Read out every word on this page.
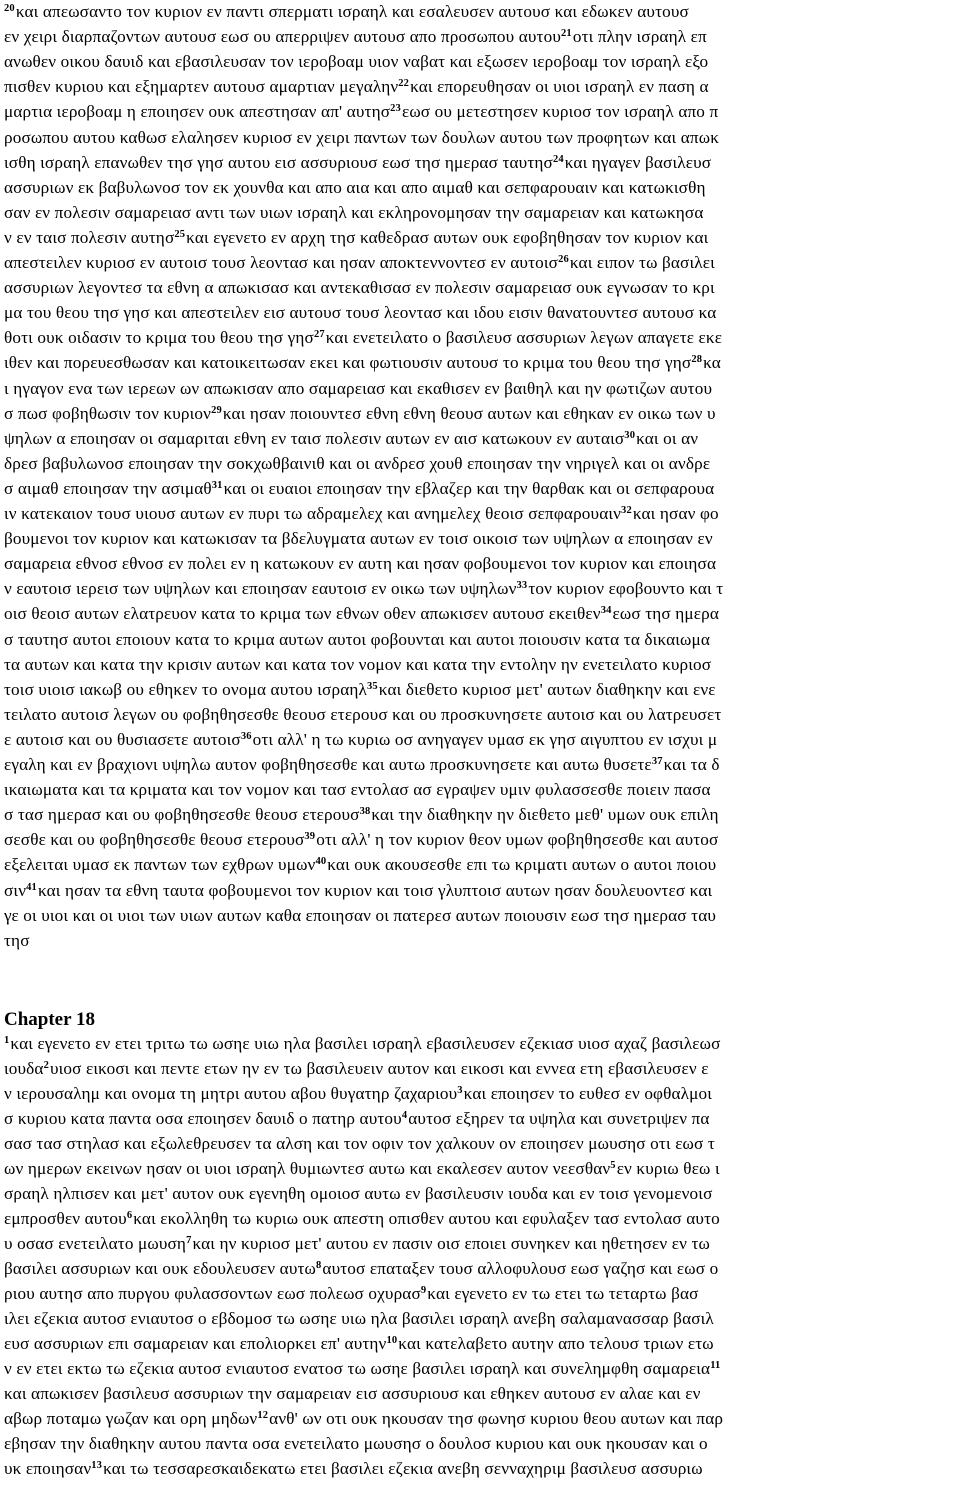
$^{20}$και απεωσαντο τον κυριον εν παντι σπερματι ισραηλ και εσαλευσεν αυτουσ και εδωκεν αυτουσ
εν χειρι διαρπαζοντων αυτουσ εωσ ου απερριψεν αυτουσ απο προσωπου αυτου$^{21}$οτι πλην ισραηλ επ
ανωθεν οικου δαυιδ και εβασιλευσαν τον ιεροβοαμ υιον ναβατ και εξωσεν ιεροβοαμ τον ισραηλ εξο
πισθεν κυριου και εξημαρτεν αυτουσ αμαρτιαν μεγαλην$^{22}$και επορευθησαν οι υιοι ισραηλ εν παση α
μαρτια ιεροβοαμ η εποιησεν ουκ απεστησαν απ' αυτησ$^{23}$εωσ ου μετεστησεν κυριοσ τον ισραηλ απο π
ροσωπου αυτου καθωσ ελαλησεν κυριοσ εν χειρι παντων των δουλων αυτου των προφητων και απωκ
ισθη ισραηλ επανωθεν τησ γησ αυτου εισ ασσυριουσ εωσ τησ ημερασ ταυτησ$^{24}$και ηγαγεν βασιλευσ
ασσυριων εκ βαβυλωνοσ τον εκ χουνθα και απο αια και απο αιμαθ και σεπφαρουαιν και κατωκισθη
σαν εν πολεσιν σαμαρειασ αντι των υιων ισραηλ και εκληρονομησαν την σαμαρειαν και κατωκησα
ν εν ταισ πολεσιν αυτησ$^{25}$και εγενετο εν αρχη τησ καθεδρασ αυτων ουκ εφοβηθησαν τον κυριον και
απεστειλεν κυριοσ εν αυτοισ τουσ λεοντασ και ησαν αποκτεννοντεσ εν αυτοισ$^{26}$και ειπον τω βασιλει
ασσυριων λεγοντεσ τα εθνη α απωκισασ και αντεκαθισασ εν πολεσιν σαμαρειασ ουκ εγνωσαν το κρι
μα του θεου τησ γησ και απεστειλεν εισ αυτουσ τουσ λεοντασ και ιδου εισιν θανατουντεσ αυτουσ κα
θοτι ουκ οιδασιν το κριμα του θεου τησ γησ$^{27}$και ενετειλατο ο βασιλευσ ασσυριων λεγων απαγετε εκε
ιθεν και πορευεσθωσαν και κατοικειτωσαν εκει και φωτιουσιν αυτουσ το κριμα του θεου τησ γησ$^{28}$κα
ι ηγαγον ενα των ιερεων ων απωκισαν απο σαμαρειασ και εκαθισεν εν βαιθηλ και ην φωτιζων αυτου
σ πωσ φοβηθωσιν τον κυριον$^{29}$και ησαν ποιουντεσ εθνη εθνη θεουσ αυτων και εθηκαν εν οικω των υ
ψηλων α εποιησαν οι σαμαριται εθνη εν ταισ πολεσιν αυτων εν αισ κατωκουν εν αυταισ$^{30}$και οι αν
δρεσ βαβυλωνοσ εποιησαν την σοκχωθβαινιθ και οι ανδρεσ χουθ εποιησαν την νηριγελ και οι ανδρε
σ αιμαθ εποιησαν την ασιμαθ$^{31}$και οι ευαιοι εποιησαν την εβλαζερ και την θαρθακ και οι σεπφαρουα
ιν κατεκαιον τουσ υιουσ αυτων εν πυρι τω αδραμελεχ και ανημελεχ θεοισ σεπφαρουαιν$^{32}$και ησαν φο
βουμενοι τον κυριον και κατωκισαν τα βδελυγματα αυτων εν τοισ οικοισ των υψηλων α εποιησαν εν
σαμαρεια εθνοσ εθνοσ εν πολει εν η κατωκουν εν αυτη και ησαν φοβουμενοι τον κυριον και εποιησα
ν εαυτοισ ιερεισ των υψηλων και εποιησαν εαυτοισ εν οικω των υψηλων$^{33}$τον κυριον εφοβουντο και τ
οισ θεοισ αυτων ελατρευον κατα το κριμα των εθνων οθεν απωκισεν αυτουσ εκειθεν$^{34}$εωσ τησ ημερα
σ ταυτησ αυτοι εποιουν κατα το κριμα αυτων αυτοι φοβουνται και αυτοι ποιουσιν κατα τα δικαιωμα
τα αυτων και κατα την κρισιν αυτων και κατα τον νομον και κατα την εντολην ην ενετειλατο κυριοσ
τοισ υιοισ ιακωβ ου εθηκεν το ονομα αυτου ισραηλ$^{35}$και διεθετο κυριοσ μετ' αυτων διαθηκην και ενε
τειλατο αυτοισ λεγων ου φοβηθησεσθε θεουσ ετερουσ και ου προσκυνησετε αυτοισ και ου λατρευσετ
ε αυτοισ και ου θυσιασετε αυτοισ$^{36}$οτι αλλ' η τω κυριω οσ ανηγαγεν υμασ εκ γησ αιγυπτου εν ισχυι μ
εγαλη και εν βραχιονι υψηλω αυτον φοβηθησεσθε και αυτω προσκυνησετε και αυτω θυσετε$^{37}$και τα δ
ικαιωματα και τα κριματα και τον νομον και τασ εντολασ ασ εγραψεν υμιν φυλασσεσθε ποιειν πασα
σ τασ ημερασ και ου φοβηθησεσθε θεουσ ετερουσ$^{38}$και την διαθηκην ην διεθετο μεθ' υμων ουκ επιλη
σεσθε και ου φοβηθησεσθε θεουσ ετερουσ$^{39}$οτι αλλ' η τον κυριον θεον υμων φοβηθησεσθε και αυτοσ
εξελειται υμασ εκ παντων των εχθρων υμων$^{40}$και ουκ ακουσεσθε επι τω κριματι αυτων ο αυτοι ποιου
σιν$^{41}$και ησαν τα εθνη ταυτα φοβουμενοι τον κυριον και τοισ γλυπτοισ αυτων ησαν δουλευοντεσ και
γε οι υιοι και οι υιοι των υιων αυτων καθα εποιησαν οι πατερεσ αυτων ποιουσιν εωσ τησ ημερασ ταυ
τησ
Chapter 18
$^1$και εγενετο εν ετει τριτω τω ωσηε υιω ηλα βασιλει ισραηλ εβασιλευσεν εζεκιασ υιοσ αχαζ βασιλεωσ
ιουδα$^2$υιοσ εικοσι και πεντε ετων ην εν τω βασιλευειν αυτον και εικοσι και εννεα ετη εβασιλευσεν ε
ν ιερουσαλημ και ονομα τη μητρι αυτου αβου θυγατηρ ζαχαριου$^3$και εποιησεν το ευθεσ εν οφθαλμοι
σ κυριου κατα παντα οσα εποιησεν δαυιδ ο πατηρ αυτου$^4$αυτοσ εξηρεν τα υψηλα και συνετριψεν πα
σασ τασ στηλασ και εξωλεθρευσεν τα αλση και τον οφιν τον χαλκουν ον εποιησεν μωυσησ οτι εωσ τ
ων ημερων εκεινων ησαν οι υιοι ισραηλ θυμιωντεσ αυτω και εκαλεσεν αυτον νεεσθαν$^5$εν κυριω θεω ι
σραηλ ηλπισεν και μετ' αυτον ουκ εγενηθη ομοιοσ αυτω εν βασιλευσιν ιουδα και εν τοισ γενομενοισ
εμπροσθεν αυτου$^6$και εκολληθη τω κυριω ουκ απεστη οπισθεν αυτου και εφυλαξεν τασ εντολασ αυτο
υ οσασ ενετειλατο μωυση$^7$και ην κυριοσ μετ' αυτου εν πασιν οισ εποιει συνηκεν και ηθετησεν εν τω
βασιλει ασσυριων και ουκ εδουλευσεν αυτω$^8$αυτοσ επαταξεν τουσ αλλοφυλουσ εωσ γαζησ και εωσ ο
ριου αυτησ απο πυργου φυλασσοντων εωσ πολεωσ οχυρασ$^9$και εγενετο εν τω ετει τω τεταρτω βασ
ιλει εζεκια αυτοσ ενιαυτοσ ο εβδομοσ τω ωσηε υιω ηλα βασιλει ισραηλ ανεβη σαλαμανασσαρ βασιλ
ευσ ασσυριων επι σαμαρειαν και επολιορκει επ' αυτην$^{10}$και κατελαβετο αυτην απο τελουσ τριων ετω
ν εν ετει εκτω τω εζεκια αυτοσ ενιαυτοσ ενατοσ τω ωσηε βασιλει ισραηλ και συνελημφθη σαμαρεια$^{11}$
και απωκισεν βασιλευσ ασσυριων την σαμαρειαν εισ ασσυριουσ και εθηκεν αυτουσ εν αλαε και εν
αβωρ ποταμω γωζαν και ορη μηδων$^{12}$ανθ' ων οτι ουκ ηκουσαν τησ φωνησ κυριου θεου αυτων και παρ
εβησαν την διαθηκην αυτου παντα οσα ενετειλατο μωυσησ ο δουλοσ κυριου και ουκ ηκουσαν και ο
υκ εποιησαν$^{13}$και τω τεσσαρεσκαιδεκατω ετει βασιλει εζεκια ανεβη σενναχηριμ βασιλευσ ασσυριω
